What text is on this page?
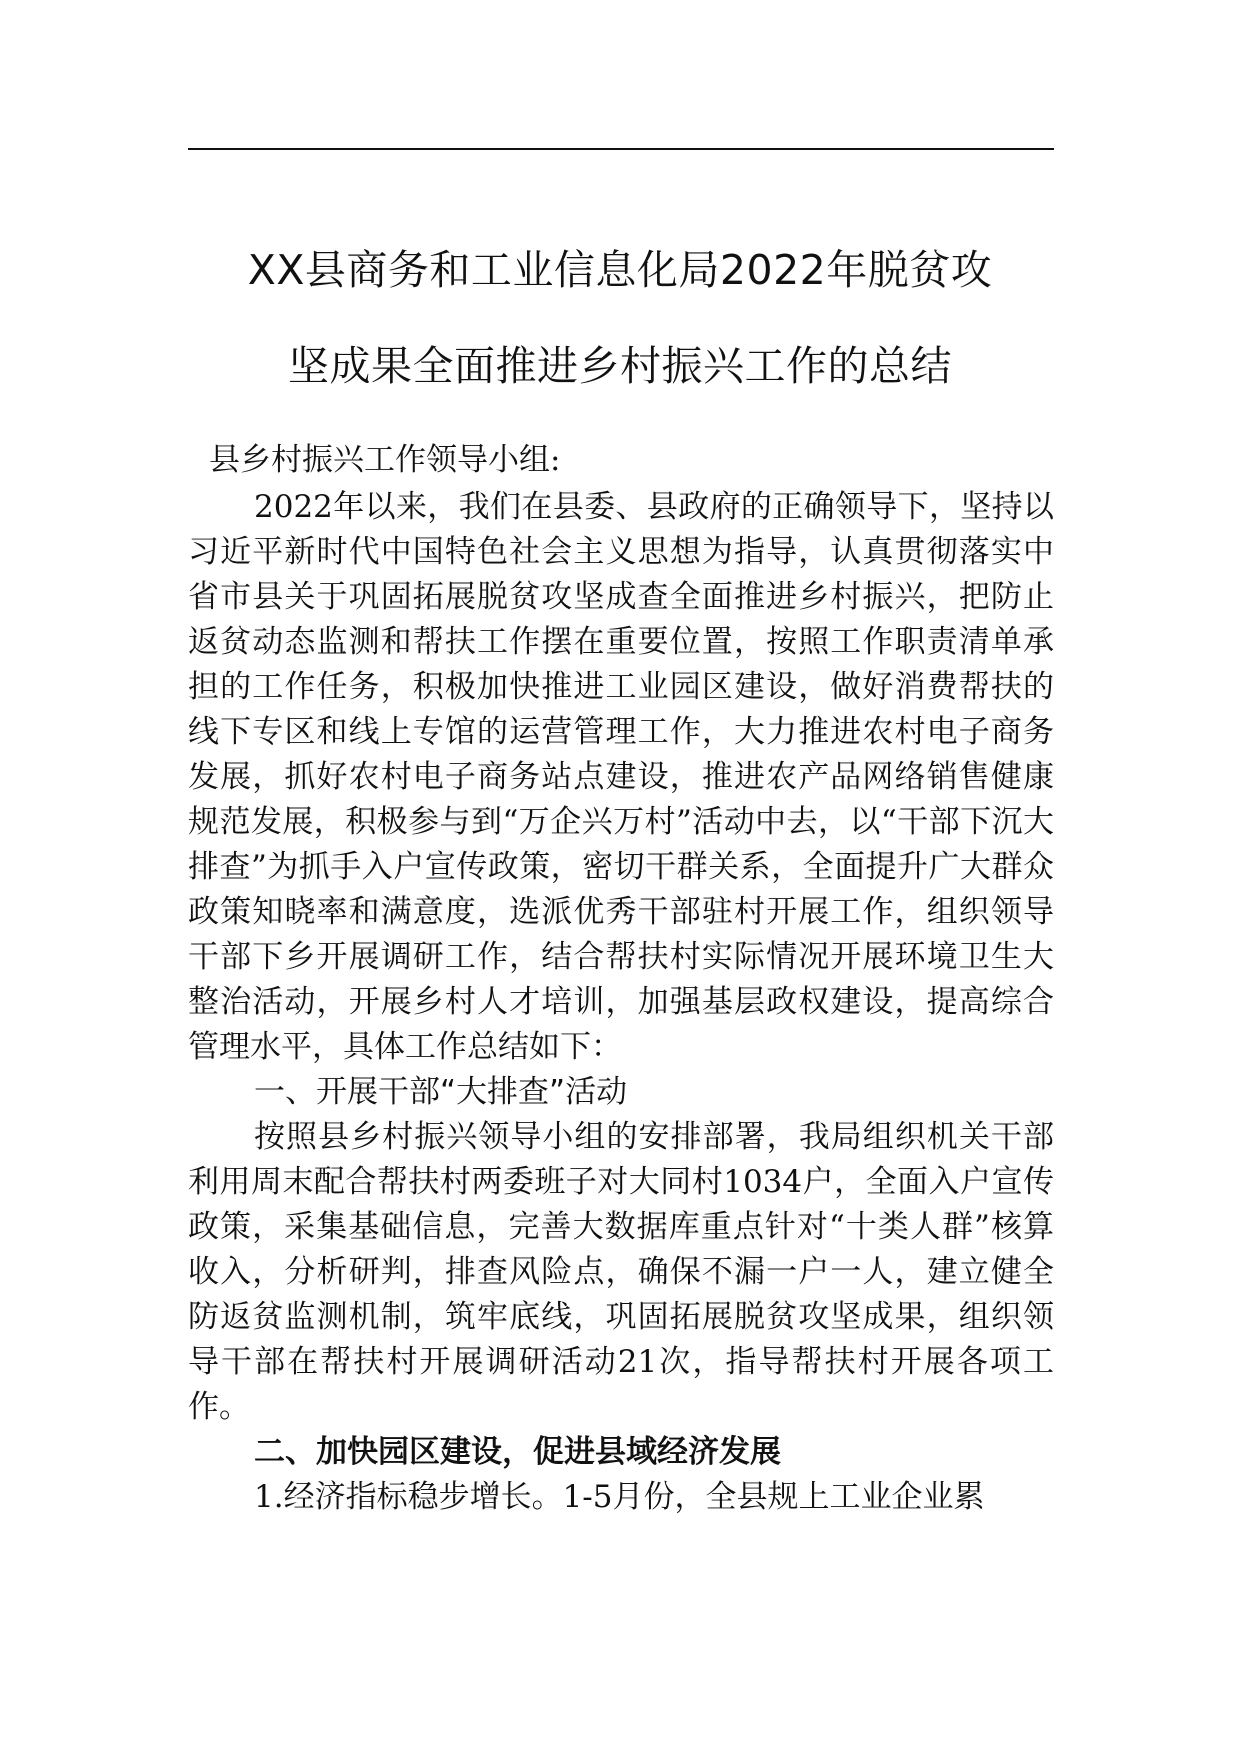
XX县商务和工业信息化局2022年脱贫攻
坚成果全面推进乡村振兴工作的总结

县乡村振兴工作领导小组:

2022年以来，我们在县委、县政府的正确领导下，坚持以习近平新时代中国特色社会主义思想为指导，认真贯彻落实中省市县关于巩固拓展脱贫攻坚成查全面推进乡村振兴，把防止返贫动态监测和帮扶工作摆在重要位置，按照工作职责清单承担的工作任务，积极加快推进工业园区建设，做好消费帮扶的线下专区和线上专馆的运营管理工作，大力推进农村电子商务发展，抓好农村电子商务站点建设，推进农产品网络销售健康规范发展，积极参与到“万企兴万村”活动中去，以“干部下沉大排查”为抓手入户宣传政策，密切干群关系，全面提升广大群众政策知晓率和满意度，选派优秀干部驻村开展工作，组织领导干部下乡开展调研工作，结合帮扶村实际情况开展环境卫生大整治活动，开展乡村人才培训，加强基层政权建设，提高综合管理水平，具体工作总结如下：

一、开展干部“大排查”活动

按照县乡村振兴领导小组的安排部署，我局组织机关干部利用周末配合帮扶村两委班子对大同村1034户，全面入户宣传政策，采集基础信息，完善大数据库重点针对“十类人群”核算收入，分析研判，排查风险点，确保不漏一户一人，建立健全防返贫监测机制，筑牢底线，巩固拓展脱贫攻坚成果，组织领导干部在帮扶村开展调研活动21次，指导帮扶村开展各项工作。

二、加快园区建设，促进县域经济发展

1.经济指标稳步增长。1-5月份，全县规上工业企业累
